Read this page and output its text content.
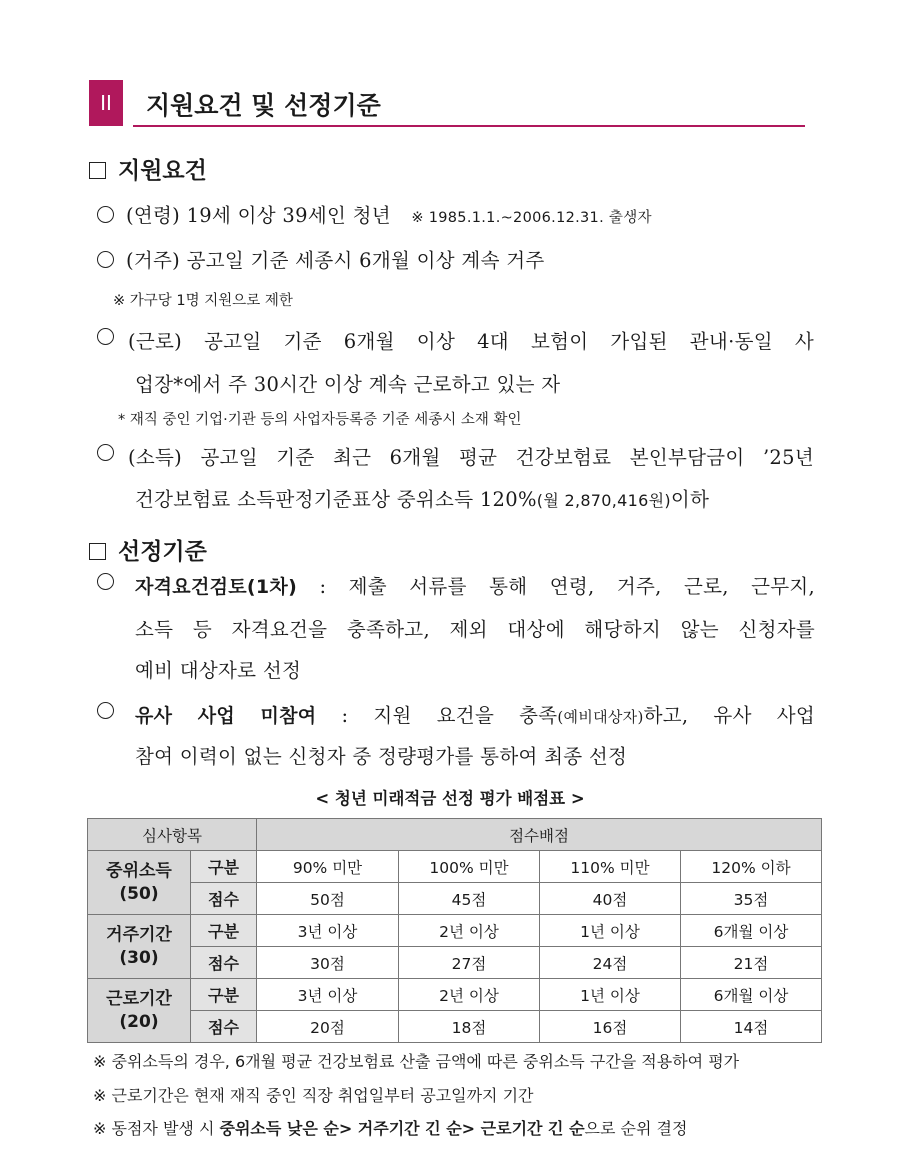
II	지원요건 및 선정기준
지원요건
(연령) 19세 이상 39세인 청년 ※ 1985.1.1.~2006.12.31. 출생자
(거주) 공고일 기준 세종시 6개월 이상 계속 거주
※ 가구당 1명 지원으로 제한
(근로) 공고일 기준 6개월 이상 4대 보험이 가입된 관내·동일 사
업장*에서 주 30시간 이상 계속 근로하고 있는 자
* 재직 중인 기업·기관 등의 사업자등록증 기준 세종시 소재 확인
(소득) 공고일 기준 최근 6개월 평균 건강보험료 본인부담금이 ’25년
건강보험료 소득판정기준표상 중위소득 120%(월 2,870,416원)이하
선정기준
자격요건검토(1차) : 제출 서류를 통해 연령, 거주, 근로, 근무지,
소득 등 자격요건을 충족하고, 제외 대상에 해당하지 않는 신청자를
예비 대상자로 선정
유사 사업 미참여 : 지원 요건을 충족(예비대상자)하고, 유사 사업
참여 이력이 없는 신청자 중 정량평가를 통하여 최종 선정
< 청년 미래적금 선정 평가 배점표 >
심사항목		점수배점			
중위소득
(50)	구분	90% 미만	100% 미만	110% 미만	120% 이하
	점수	50점	45점	40점	35점
거주기간
(30)	구분	3년 이상	2년 이상	1년 이상	6개월 이상
	점수	30점	27점	24점	21점
근로기간
(20)	구분	3년 이상	2년 이상	1년 이상	6개월 이상
	점수	20점	18점	16점	14점
※ 중위소득의 경우, 6개월 평균 건강보험료 산출 금액에 따른 중위소득 구간을 적용하여 평가
※ 근로기간은 현재 재직 중인 직장 취업일부터 공고일까지 기간
※ 동점자 발생 시 중위소득 낮은 순> 거주기간 긴 순> 근로기간 긴 순으로 순위 결정
